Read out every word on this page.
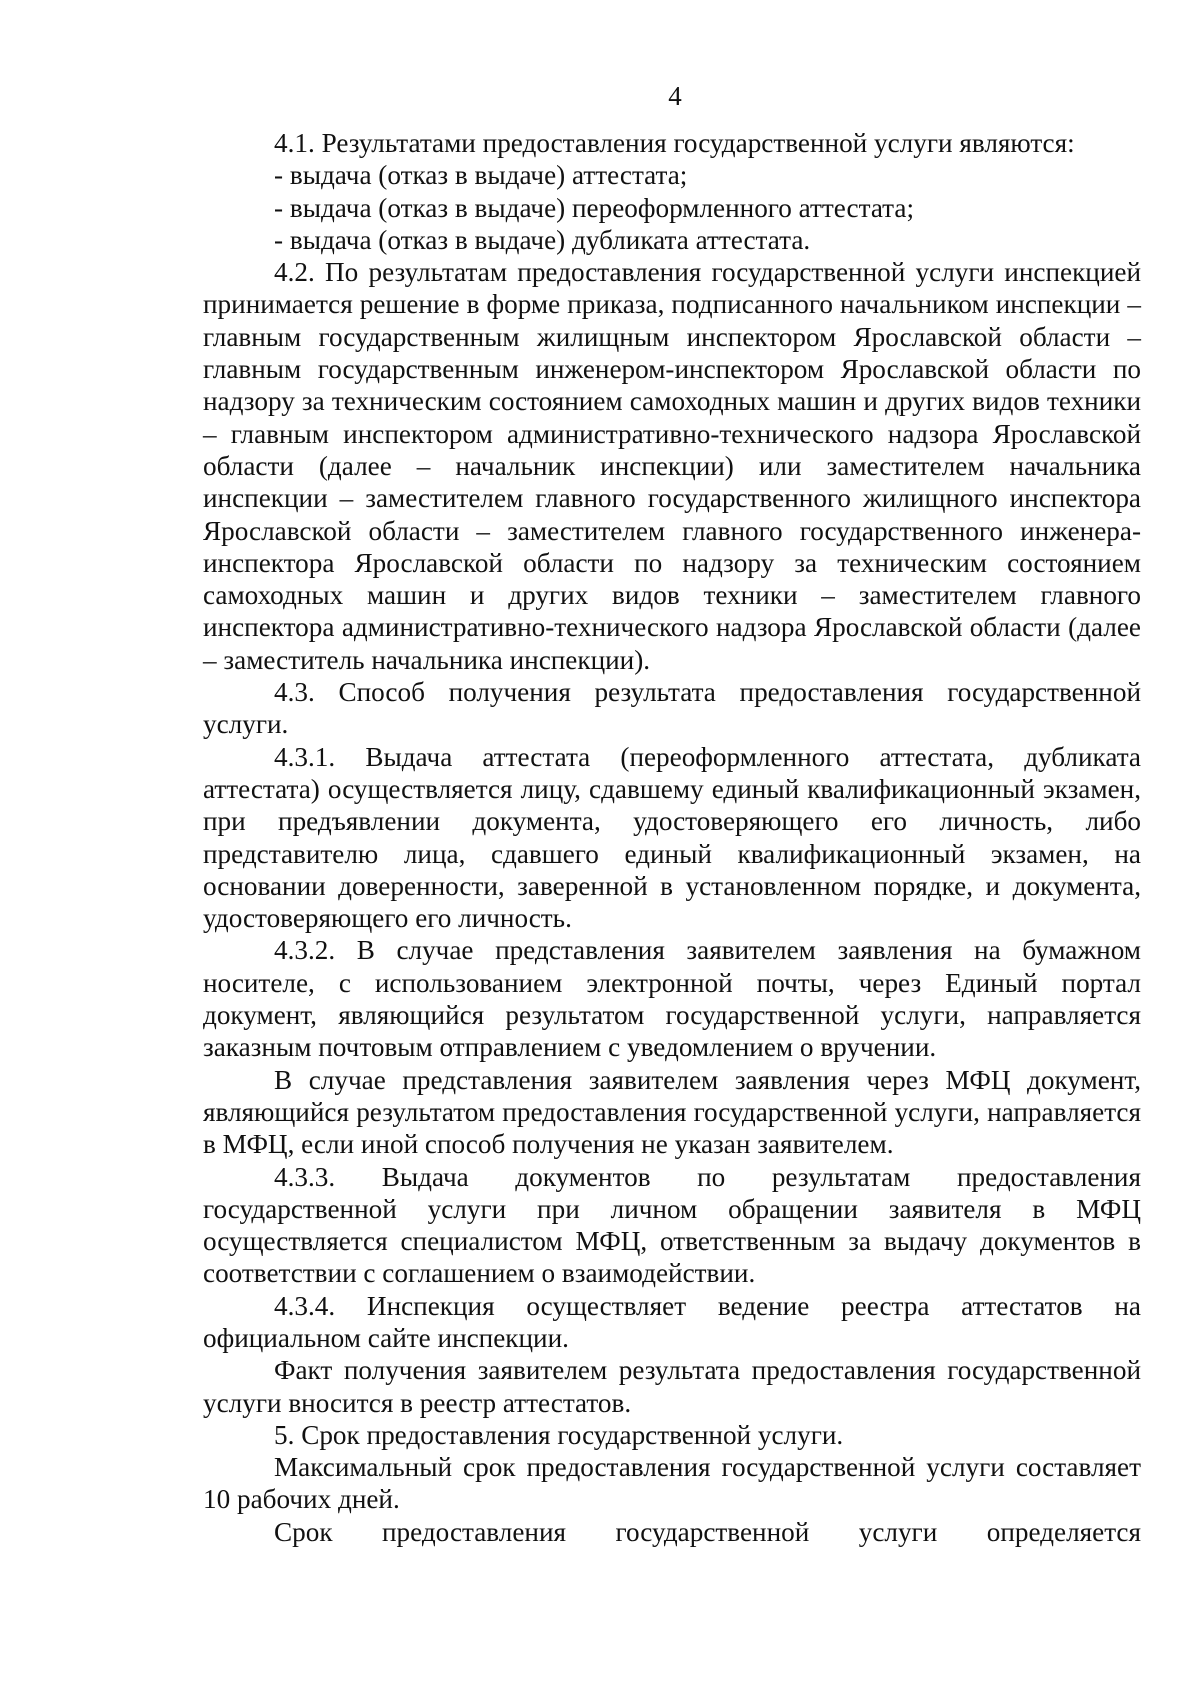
4

4.1. Результатами предоставления государственной услуги являются:

- выдача (отказ в выдаче) аттестата;

- выдача (отказ в выдаче) переоформленного аттестата;

- выдача (отказ в выдаче) дубликата аттестата.

4.2. По результатам предоставления государственной услуги инспекцией принимается решение в форме приказа, подписанного начальником инспекции – главным государственным жилищным инспектором Ярославской области – главным государственным инженером-инспектором Ярославской области по надзору за техническим состоянием самоходных машин и других видов техники – главным инспектором административно-технического надзора Ярославской области (далее – начальник инспекции) или заместителем начальника инспекции – заместителем главного государственного жилищного инспектора Ярославской области – заместителем главного государственного инженера-инспектора Ярославской области по надзору за техническим состоянием самоходных машин и других видов техники – заместителем главного инспектора административно-технического надзора Ярославской области (далее – заместитель начальника инспекции).

4.3. Способ получения результата предоставления государственной услуги.

4.3.1. Выдача аттестата (переоформленного аттестата, дубликата аттестата) осуществляется лицу, сдавшему единый квалификационный экзамен, при предъявлении документа, удостоверяющего его личность, либо представителю лица, сдавшего единый квалификационный экзамен, на основании доверенности, заверенной в установленном порядке, и документа, удостоверяющего его личность.

4.3.2. В случае представления заявителем заявления на бумажном носителе, с использованием электронной почты, через Единый портал документ, являющийся результатом государственной услуги, направляется заказным почтовым отправлением с уведомлением о вручении.

В случае представления заявителем заявления через МФЦ документ, являющийся результатом предоставления государственной услуги, направляется в МФЦ, если иной способ получения не указан заявителем.

4.3.3. Выдача документов по результатам предоставления государственной услуги при личном обращении заявителя в МФЦ осуществляется специалистом МФЦ, ответственным за выдачу документов в соответствии с соглашением о взаимодействии.

4.3.4. Инспекция осуществляет ведение реестра аттестатов на официальном сайте инспекции.

Факт получения заявителем результата предоставления государственной услуги вносится в реестр аттестатов.

5. Срок предоставления государственной услуги.

Максимальный срок предоставления государственной услуги составляет 10 рабочих дней.

Срок предоставления государственной услуги определяется
